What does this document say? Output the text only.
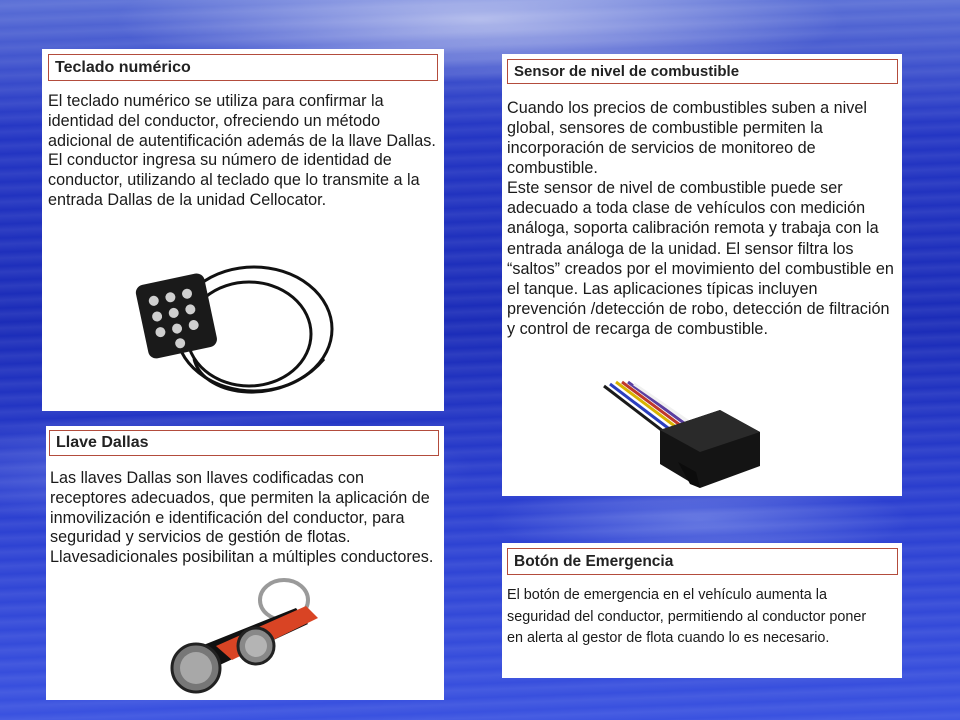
Teclado numérico
El teclado numérico se utiliza para confirmar la identidad del conductor, ofreciendo un método adicional de autentificación además de la llave Dallas. El conductor ingresa su número de identidad de conductor, utilizando al teclado que lo transmite a la entrada Dallas de la unidad Cellocator.
Llave Dallas
Las llaves Dallas son llaves codificadas con receptores adecuados, que permiten la aplicación de inmovilización e identificación del conductor, para seguridad y servicios de gestión de flotas. Llavesadicionales posibilitan a múltiples conductores.
Sensor de nivel de combustible
Cuando los precios de combustibles suben a nivel global, sensores de combustible permiten la incorporación de servicios de monitoreo de combustible.
Este sensor de nivel de combustible puede ser adecuado a toda clase de vehículos con medición análoga, soporta calibración remota y trabaja con la entrada análoga de la unidad. El sensor filtra los “saltos” creados por el movimiento del combustible en el tanque. Las aplicaciones típicas incluyen prevención /detección de robo, detección de filtración y control de recarga de combustible.
Botón de Emergencia
El botón de emergencia en el vehículo aumenta la seguridad del conductor, permitiendo al conductor poner en alerta al gestor de flota cuando lo es necesario.
